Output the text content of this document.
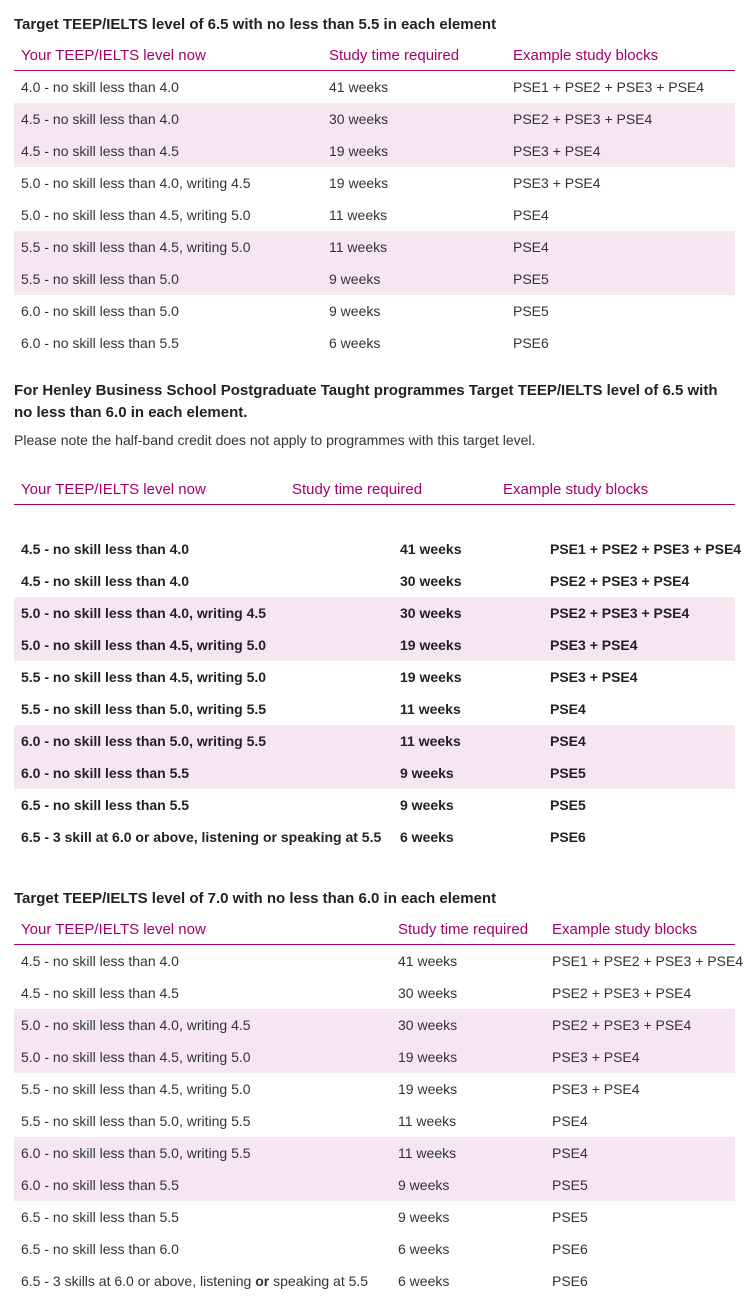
Target TEEP/IELTS level of 6.5 with no less than 5.5 in each element

Your TEEP/IELTS level now	Study time required	Example study blocks
4.0 - no skill less than 4.0	41 weeks	PSE1 + PSE2 + PSE3 + PSE4
4.5 - no skill less than 4.0	30 weeks	PSE2 + PSE3 + PSE4
4.5 - no skill less than 4.5	19 weeks	PSE3 + PSE4
5.0 - no skill less than 4.0, writing 4.5	19 weeks	PSE3 + PSE4
5.0 - no skill less than 4.5, writing 5.0	11 weeks	PSE4
5.5 - no skill less than 4.5, writing 5.0	11 weeks	PSE4
5.5 - no skill less than 5.0	9 weeks	PSE5
6.0 - no skill less than 5.0	9 weeks	PSE5
6.0 - no skill less than 5.5	6 weeks	PSE6

For Henley Business School Postgraduate Taught programmes Target TEEP/IELTS level of 6.5 with no less than 6.0 in each element.

Please note the half-band credit does not apply to programmes with this target level.

Your TEEP/IELTS level now	Study time required	Example study blocks

4.5 - no skill less than 4.0	41 weeks	PSE1 + PSE2 + PSE3 + PSE4
4.5 - no skill less than 4.0	30 weeks	PSE2 + PSE3 + PSE4
5.0 - no skill less than 4.0, writing 4.5	30 weeks	PSE2 + PSE3 + PSE4
5.0 - no skill less than 4.5, writing 5.0	19 weeks	PSE3 + PSE4
5.5 - no skill less than 4.5, writing 5.0	19 weeks	PSE3 + PSE4
5.5 - no skill less than 5.0, writing 5.5	11 weeks	PSE4
6.0 - no skill less than 5.0, writing 5.5	11 weeks	PSE4
6.0 - no skill less than 5.5	9 weeks	PSE5
6.5 - no skill less than 5.5	9 weeks	PSE5
6.5 - 3 skill at 6.0 or above, listening or speaking at 5.5	6 weeks	PSE6

Target TEEP/IELTS level of 7.0 with no less than 6.0 in each element

Your TEEP/IELTS level now	Study time required	Example study blocks
4.5 - no skill less than 4.0	41 weeks	PSE1 + PSE2 + PSE3 + PSE4
4.5 - no skill less than 4.5	30 weeks	PSE2 + PSE3 + PSE4
5.0 - no skill less than 4.0, writing 4.5	30 weeks	PSE2 + PSE3 + PSE4
5.0 - no skill less than 4.5, writing 5.0	19 weeks	PSE3 + PSE4
5.5 - no skill less than 4.5, writing 5.0	19 weeks	PSE3 + PSE4
5.5 - no skill less than 5.0, writing 5.5	11 weeks	PSE4
6.0 - no skill less than 5.0, writing 5.5	11 weeks	PSE4
6.0 - no skill less than 5.5	9 weeks	PSE5
6.5 - no skill less than 5.5	9 weeks	PSE5
6.5 - no skill less than 6.0	6 weeks	PSE6
6.5 - 3 skills at 6.0 or above, listening or speaking at 5.5	6 weeks	PSE6
